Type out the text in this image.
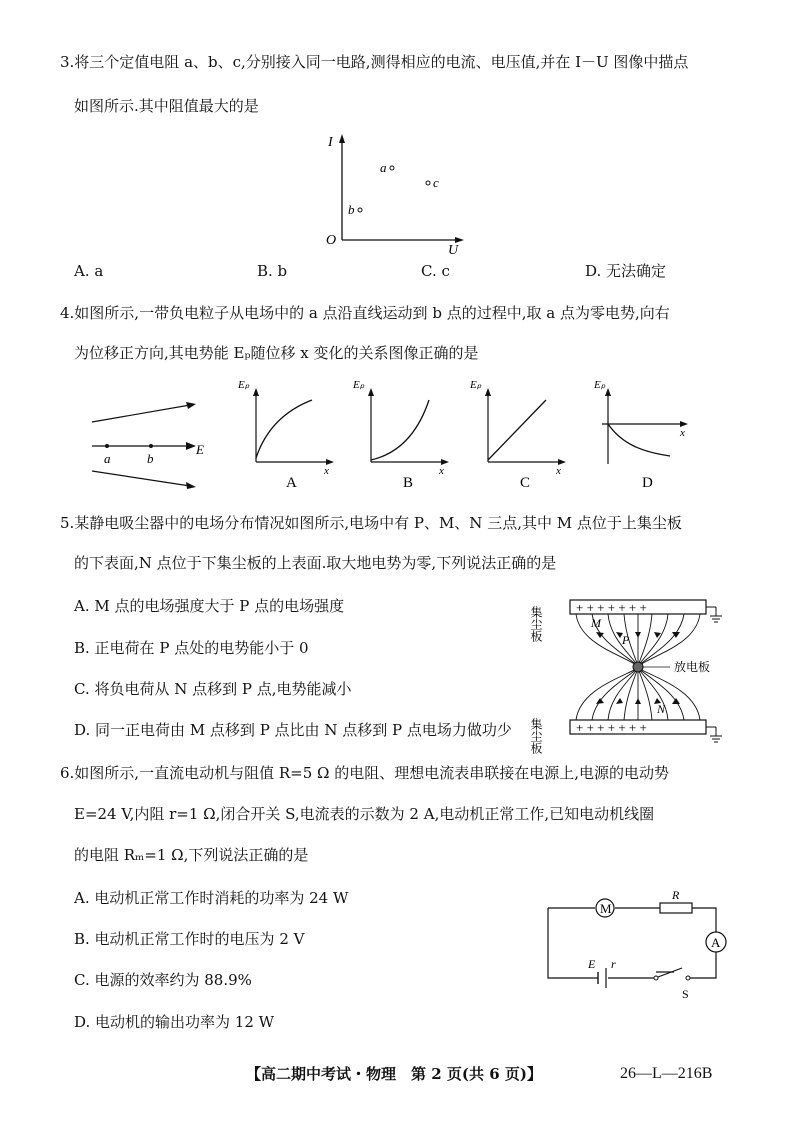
3.将三个定值电阻 a、b、c,分别接入同一电路,测得相应的电流、电压值,并在 I－U 图像中描点
如图所示.其中阻值最大的是
I
U
O
a
b
c
A. a	B. b	C. c	D. 无法确定
4.如图所示,一带负电粒子从电场中的 a 点沿直线运动到 b 点的过程中,取 a 点为零电势,向右
为位移正方向,其电势能 Eₚ随位移 x 变化的关系图像正确的是
E
a	b
Eₚ
x
A
Eₚ
x
B
Eₚ
x
C
Eₚ
x
D
5.某静电吸尘器中的电场分布情况如图所示,电场中有 P、M、N 三点,其中 M 点位于上集尘板
的下表面,N 点位于下集尘板的上表面.取大地电势为零,下列说法正确的是
A. M 点的电场强度大于 P 点的电场强度
B. 正电荷在 P 点处的电势能小于 0
C. 将负电荷从 N 点移到 P 点,电势能减小
D. 同一正电荷由 M 点移到 P 点比由 N 点移到 P 点电场力做功少
集尘板
集尘板
+ + + + + + +
+ + + + + + +
放电板
M
P
N
6.如图所示,一直流电动机与阻值 R=5 Ω 的电阻、理想电流表串联接在电源上,电源的电动势
E=24 V,内阻 r=1 Ω,闭合开关 S,电流表的示数为 2 A,电动机正常工作,已知电动机线圈
的电阻 Rₘ=1 Ω,下列说法正确的是
A. 电动机正常工作时消耗的功率为 24 W
B. 电动机正常工作时的电压为 2 V
C. 电源的效率约为 88.9%
D. 电动机的输出功率为 12 W
M
R
A
E r
S
【高二期中考试・物理　第 2 页(共 6 页)】	26—L—216B
